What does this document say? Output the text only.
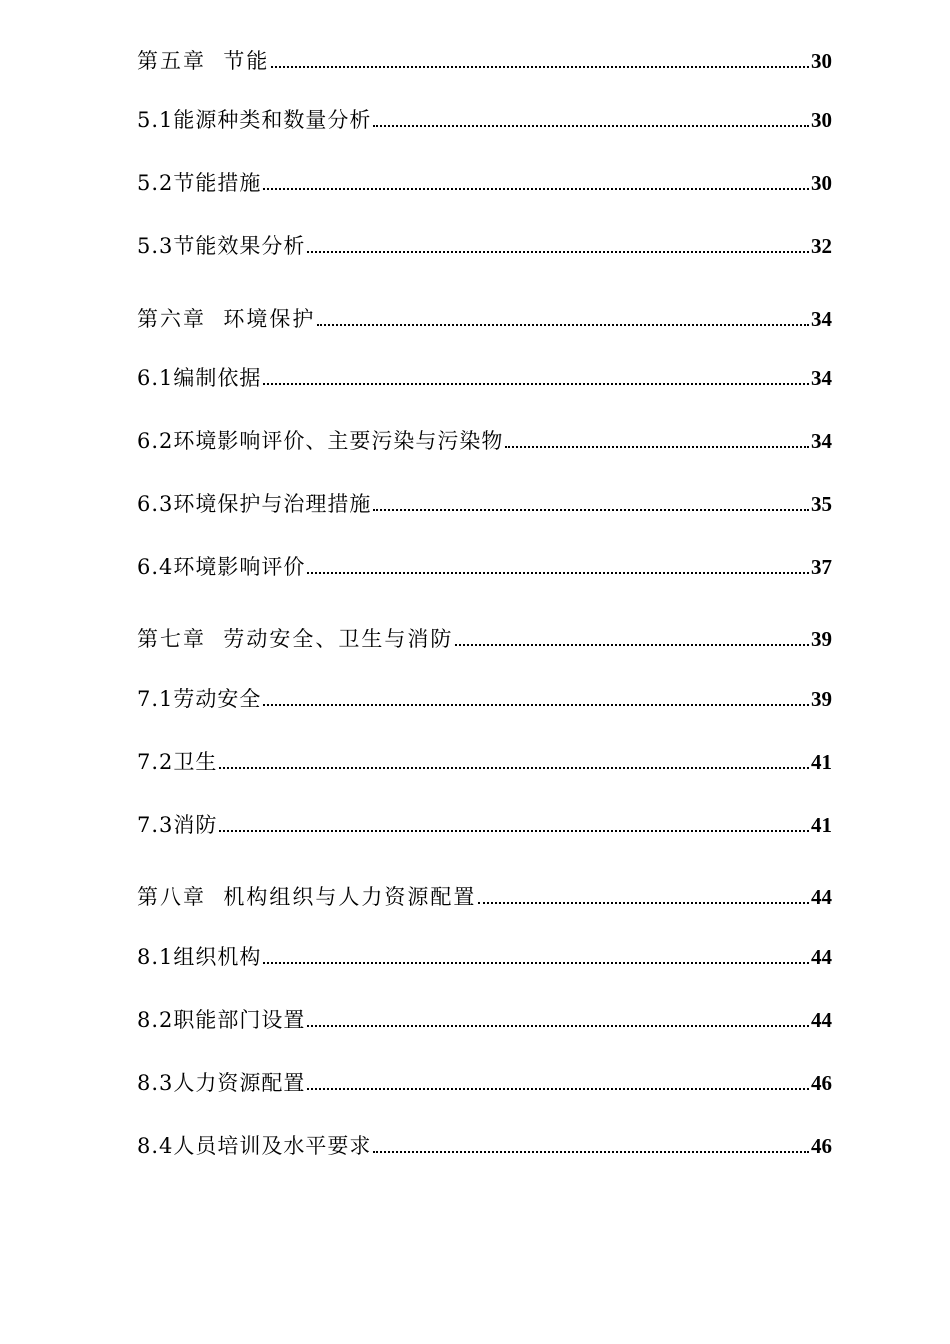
第五章  节能	30
5.1能源种类和数量分析	30
5.2节能措施	30
5.3节能效果分析	32
第六章  环境保护	34
6.1编制依据	34
6.2环境影响评价、主要污染与污染物	34
6.3环境保护与治理措施	35
6.4环境影响评价	37
第七章  劳动安全、卫生与消防	39
7.1劳动安全	39
7.2卫生	41
7.3消防	41
第八章  机构组织与人力资源配置	44
8.1组织机构	44
8.2职能部门设置	44
8.3人力资源配置	46
8.4人员培训及水平要求	46
